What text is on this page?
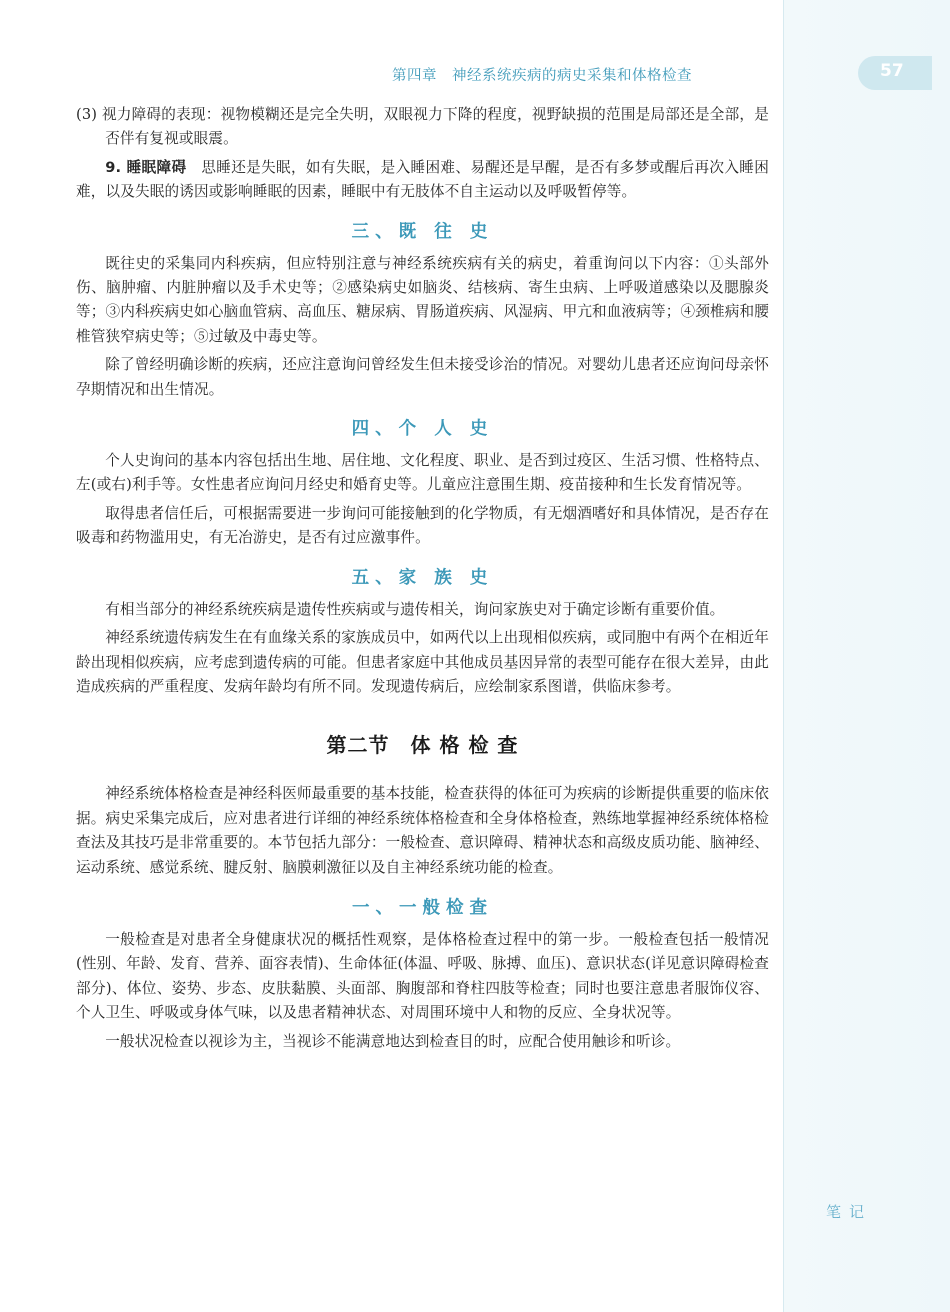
第四章　神经系统疾病的病史采集和体格检查	57

(3) 视力障碍的表现：视物模糊还是完全失明，双眼视力下降的程度，视野缺损的范围是局部还是全部，是否伴有复视或眼震。

9. 睡眠障碍　思睡还是失眠，如有失眠，是入睡困难、易醒还是早醒，是否有多梦或醒后再次入睡困难，以及失眠的诱因或影响睡眠的因素，睡眠中有无肢体不自主运动以及呼吸暂停等。

三、既 往 史

既往史的采集同内科疾病，但应特别注意与神经系统疾病有关的病史，着重询问以下内容：①头部外伤、脑肿瘤、内脏肿瘤以及手术史等；②感染病史如脑炎、结核病、寄生虫病、上呼吸道感染以及腮腺炎等；③内科疾病史如心脑血管病、高血压、糖尿病、胃肠道疾病、风湿病、甲亢和血液病等；④颈椎病和腰椎管狭窄病史等；⑤过敏及中毒史等。

除了曾经明确诊断的疾病，还应注意询问曾经发生但未接受诊治的情况。对婴幼儿患者还应询问母亲怀孕期情况和出生情况。

四、个 人 史

个人史询问的基本内容包括出生地、居住地、文化程度、职业、是否到过疫区、生活习惯、性格特点、左(或右)利手等。女性患者应询问月经史和婚育史等。儿童应注意围生期、疫苗接种和生长发育情况等。

取得患者信任后，可根据需要进一步询问可能接触到的化学物质，有无烟酒嗜好和具体情况，是否存在吸毒和药物滥用史，有无冶游史，是否有过应激事件。

五、家 族 史

有相当部分的神经系统疾病是遗传性疾病或与遗传相关，询问家族史对于确定诊断有重要价值。

神经系统遗传病发生在有血缘关系的家族成员中，如两代以上出现相似疾病，或同胞中有两个在相近年龄出现相似疾病，应考虑到遗传病的可能。但患者家庭中其他成员基因异常的表型可能存在很大差异，由此造成疾病的严重程度、发病年龄均有所不同。发现遗传病后，应绘制家系图谱，供临床参考。

第二节　体 格 检 查

神经系统体格检查是神经科医师最重要的基本技能，检查获得的体征可为疾病的诊断提供重要的临床依据。病史采集完成后，应对患者进行详细的神经系统体格检查和全身体格检查，熟练地掌握神经系统体格检查法及其技巧是非常重要的。本节包括九部分：一般检查、意识障碍、精神状态和高级皮质功能、脑神经、运动系统、感觉系统、腱反射、脑膜刺激征以及自主神经系统功能的检查。

一、一般检查

一般检查是对患者全身健康状况的概括性观察，是体格检查过程中的第一步。一般检查包括一般情况(性别、年龄、发育、营养、面容表情)、生命体征(体温、呼吸、脉搏、血压)、意识状态(详见意识障碍检查部分)、体位、姿势、步态、皮肤黏膜、头面部、胸腹部和脊柱四肢等检查；同时也要注意患者服饰仪容、个人卫生、呼吸或身体气味，以及患者精神状态、对周围环境中人和物的反应、全身状况等。

一般状况检查以视诊为主，当视诊不能满意地达到检查目的时，应配合使用触诊和听诊。

笔记
